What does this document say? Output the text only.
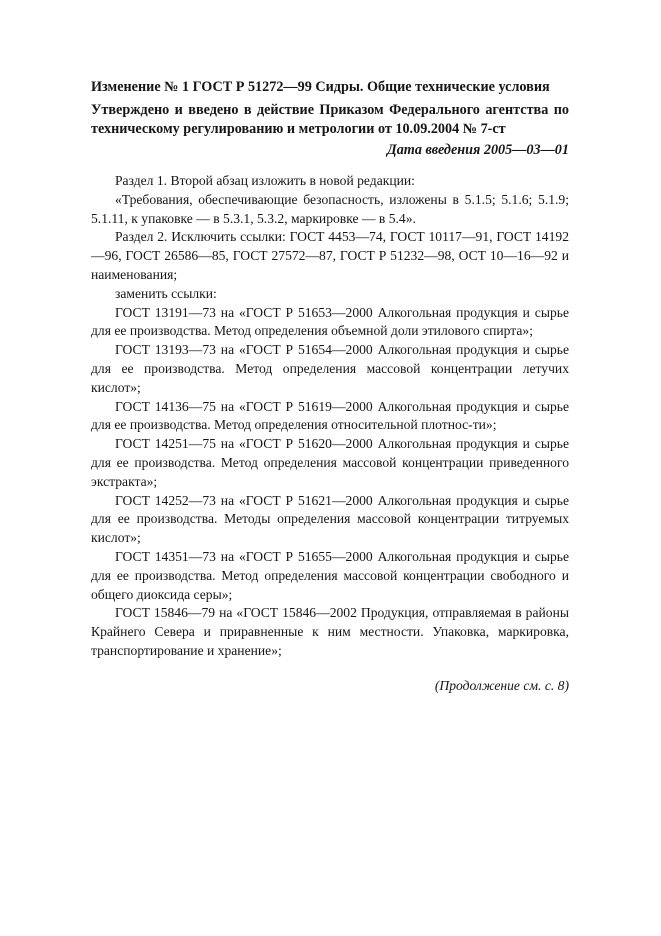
Изменение № 1 ГОСТ Р 51272—99 Сидры. Общие технические условия
Утверждено и введено в действие Приказом Федерального агентства по техническому регулированию и метрологии от 10.09.2004 № 7-ст
Дата введения 2005—03—01

Раздел 1. Второй абзац изложить в новой редакции:

«Требования, обеспечивающие безопасность, изложены в 5.1.5; 5.1.6; 5.1.9; 5.1.11, к упаковке — в 5.3.1, 5.3.2, маркировке — в 5.4».

Раздел 2. Исключить ссылки: ГОСТ 4453—74, ГОСТ 10117—91, ГОСТ 14192—96, ГОСТ 26586—85, ГОСТ 27572—87, ГОСТ Р 51232—98, ОСТ 10—16—92 и наименования;

заменить ссылки:

ГОСТ 13191—73 на «ГОСТ Р 51653—2000 Алкогольная продукция и сырье для ее производства. Метод определения объемной доли этилового спирта»;

ГОСТ 13193—73 на «ГОСТ Р 51654—2000 Алкогольная продукция и сырье для ее производства. Метод определения массовой концентрации летучих кислот»;

ГОСТ 14136—75 на «ГОСТ Р 51619—2000 Алкогольная продукция и сырье для ее производства. Метод определения относительной плотнос-ти»;

ГОСТ 14251—75 на «ГОСТ Р 51620—2000 Алкогольная продукция и сырье для ее производства. Метод определения массовой концентрации приведенного экстракта»;

ГОСТ 14252—73 на «ГОСТ Р 51621—2000 Алкогольная продукция и сырье для ее производства. Методы определения массовой концентрации титруемых кислот»;

ГОСТ 14351—73 на «ГОСТ Р 51655—2000 Алкогольная продукция и сырье для ее производства. Метод определения массовой концентрации свободного и общего диоксида серы»;

ГОСТ 15846—79 на «ГОСТ 15846—2002 Продукция, отправляемая в районы Крайнего Севера и приравненные к ним местности. Упаковка, маркировка, транспортирование и хранение»;

(Продолжение см. с. 8)
